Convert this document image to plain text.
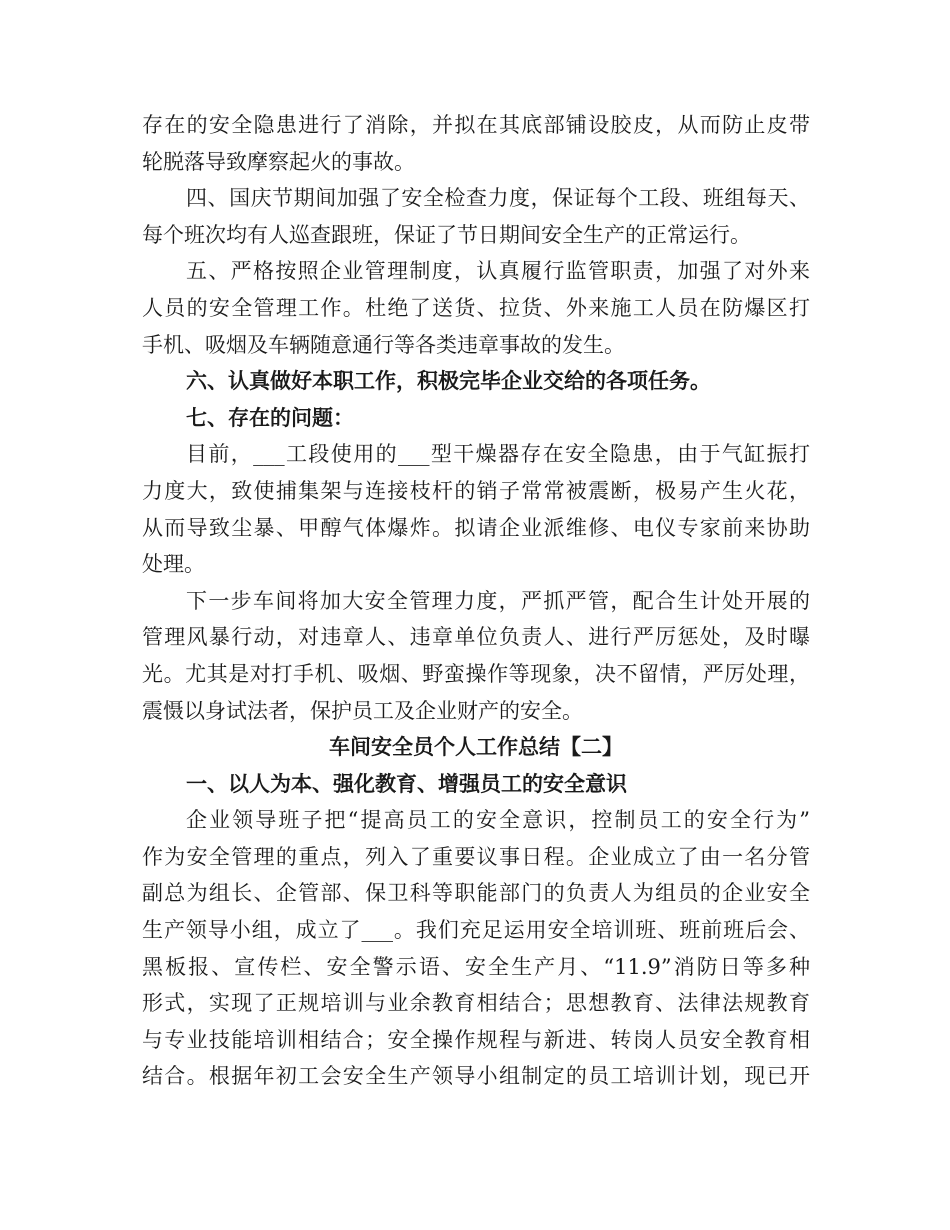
存在的安全隐患进行了消除，并拟在其底部铺设胶皮，从而防止皮带
轮脱落导致摩察起火的事故。
四、国庆节期间加强了安全检查力度，保证每个工段、班组每天、
每个班次均有人巡查跟班，保证了节日期间安全生产的正常运行。
五、严格按照企业管理制度，认真履行监管职责，加强了对外来
人员的安全管理工作。杜绝了送货、拉货、外来施工人员在防爆区打
手机、吸烟及车辆随意通行等各类违章事故的发生。
六、认真做好本职工作，积极完毕企业交给的各项任务。
七、存在的问题：
目前，___工段使用的___型干燥器存在安全隐患，由于气缸振打
力度大，致使捕集架与连接枝杆的销子常常被震断，极易产生火花，
从而导致尘暴、甲醇气体爆炸。拟请企业派维修、电仪专家前来协助
处理。
下一步车间将加大安全管理力度，严抓严管，配合生计处开展的
管理风暴行动，对违章人、违章单位负责人、进行严厉惩处，及时曝
光。尤其是对打手机、吸烟、野蛮操作等现象，决不留情，严厉处理，
震慑以身试法者，保护员工及企业财产的安全。
车间安全员个人工作总结【二】
一、以人为本、强化教育、增强员工的安全意识
企业领导班子把“提高员工的安全意识，控制员工的安全行为”
作为安全管理的重点，列入了重要议事日程。企业成立了由一名分管
副总为组长、企管部、保卫科等职能部门的负责人为组员的企业安全
生产领导小组，成立了___。我们充足运用安全培训班、班前班后会、
黑板报、宣传栏、安全警示语、安全生产月、“11.9”消防日等多种
形式，实现了正规培训与业余教育相结合；思想教育、法律法规教育
与专业技能培训相结合；安全操作规程与新进、转岗人员安全教育相
结合。根据年初工会安全生产领导小组制定的员工培训计划，现已开
